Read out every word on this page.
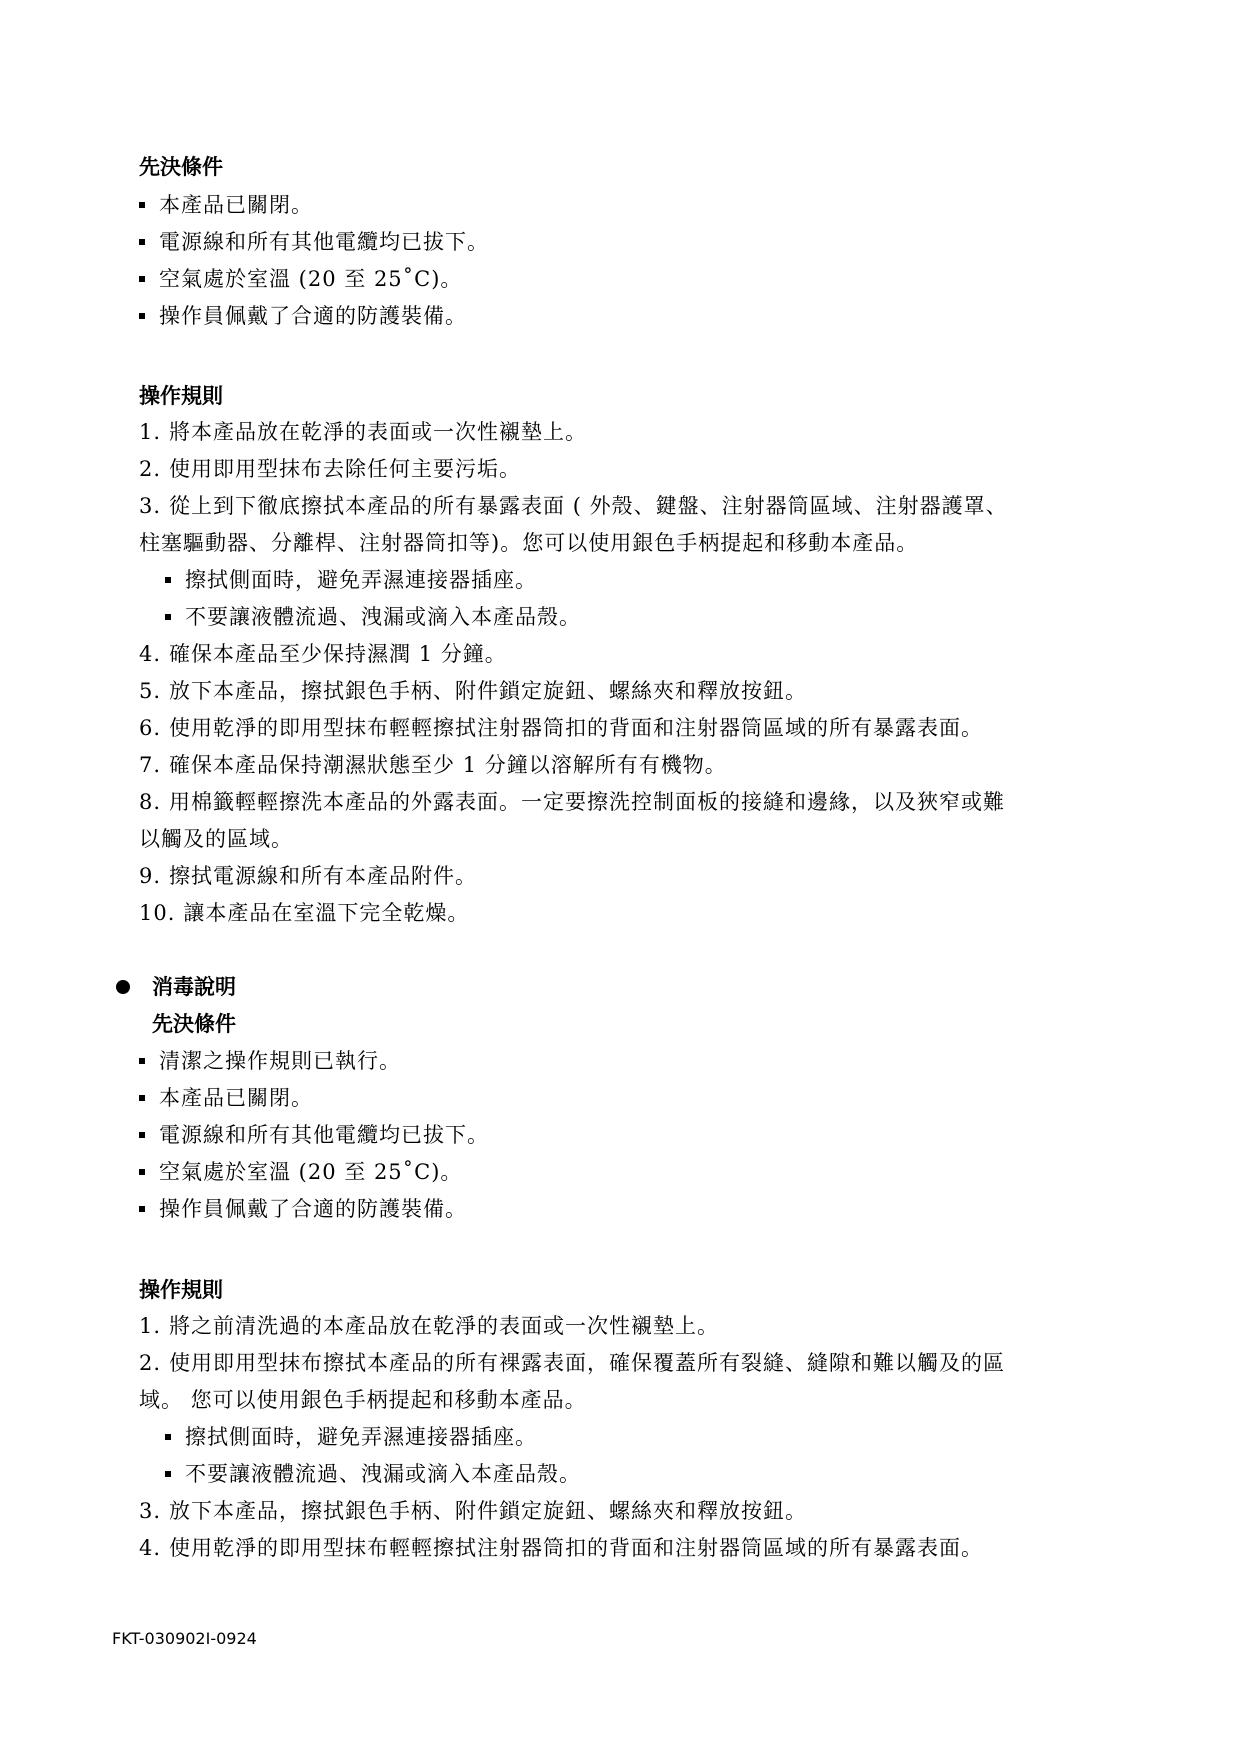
先決條件
本產品已關閉。
電源線和所有其他電纜均已拔下。
空氣處於室溫 (20 至 25˚C)。
操作員佩戴了合適的防護裝備。
操作規則
1. 將本產品放在乾淨的表面或一次性襯墊上。
2. 使用即用型抹布去除任何主要污垢。
3. 從上到下徹底擦拭本產品的所有暴露表面 ( 外殼、鍵盤、注射器筒區域、注射器護罩、
柱塞驅動器、分離桿、注射器筒扣等)。您可以使用銀色手柄提起和移動本產品。
擦拭側面時，避免弄濕連接器插座。
不要讓液體流過、洩漏或滴入本產品殼。
4. 確保本產品至少保持濕潤 1 分鐘。
5. 放下本產品，擦拭銀色手柄、附件鎖定旋鈕、螺絲夾和釋放按鈕。
6. 使用乾淨的即用型抹布輕輕擦拭注射器筒扣的背面和注射器筒區域的所有暴露表面。
7. 確保本產品保持潮濕狀態至少 1 分鐘以溶解所有有機物。
8. 用棉籤輕輕擦洗本產品的外露表面。一定要擦洗控制面板的接縫和邊緣，以及狹窄或難
以觸及的區域。
9. 擦拭電源線和所有本產品附件。
10. 讓本產品在室溫下完全乾燥。
消毒說明
先決條件
清潔之操作規則已執行。
本產品已關閉。
電源線和所有其他電纜均已拔下。
空氣處於室溫 (20 至 25˚C)。
操作員佩戴了合適的防護裝備。
操作規則
1. 將之前清洗過的本產品放在乾淨的表面或一次性襯墊上。
2. 使用即用型抹布擦拭本產品的所有裸露表面，確保覆蓋所有裂縫、縫隙和難以觸及的區
域。 您可以使用銀色手柄提起和移動本產品。
擦拭側面時，避免弄濕連接器插座。
不要讓液體流過、洩漏或滴入本產品殼。
3. 放下本產品，擦拭銀色手柄、附件鎖定旋鈕、螺絲夾和釋放按鈕。
4. 使用乾淨的即用型抹布輕輕擦拭注射器筒扣的背面和注射器筒區域的所有暴露表面。
FKT-030902I-0924
